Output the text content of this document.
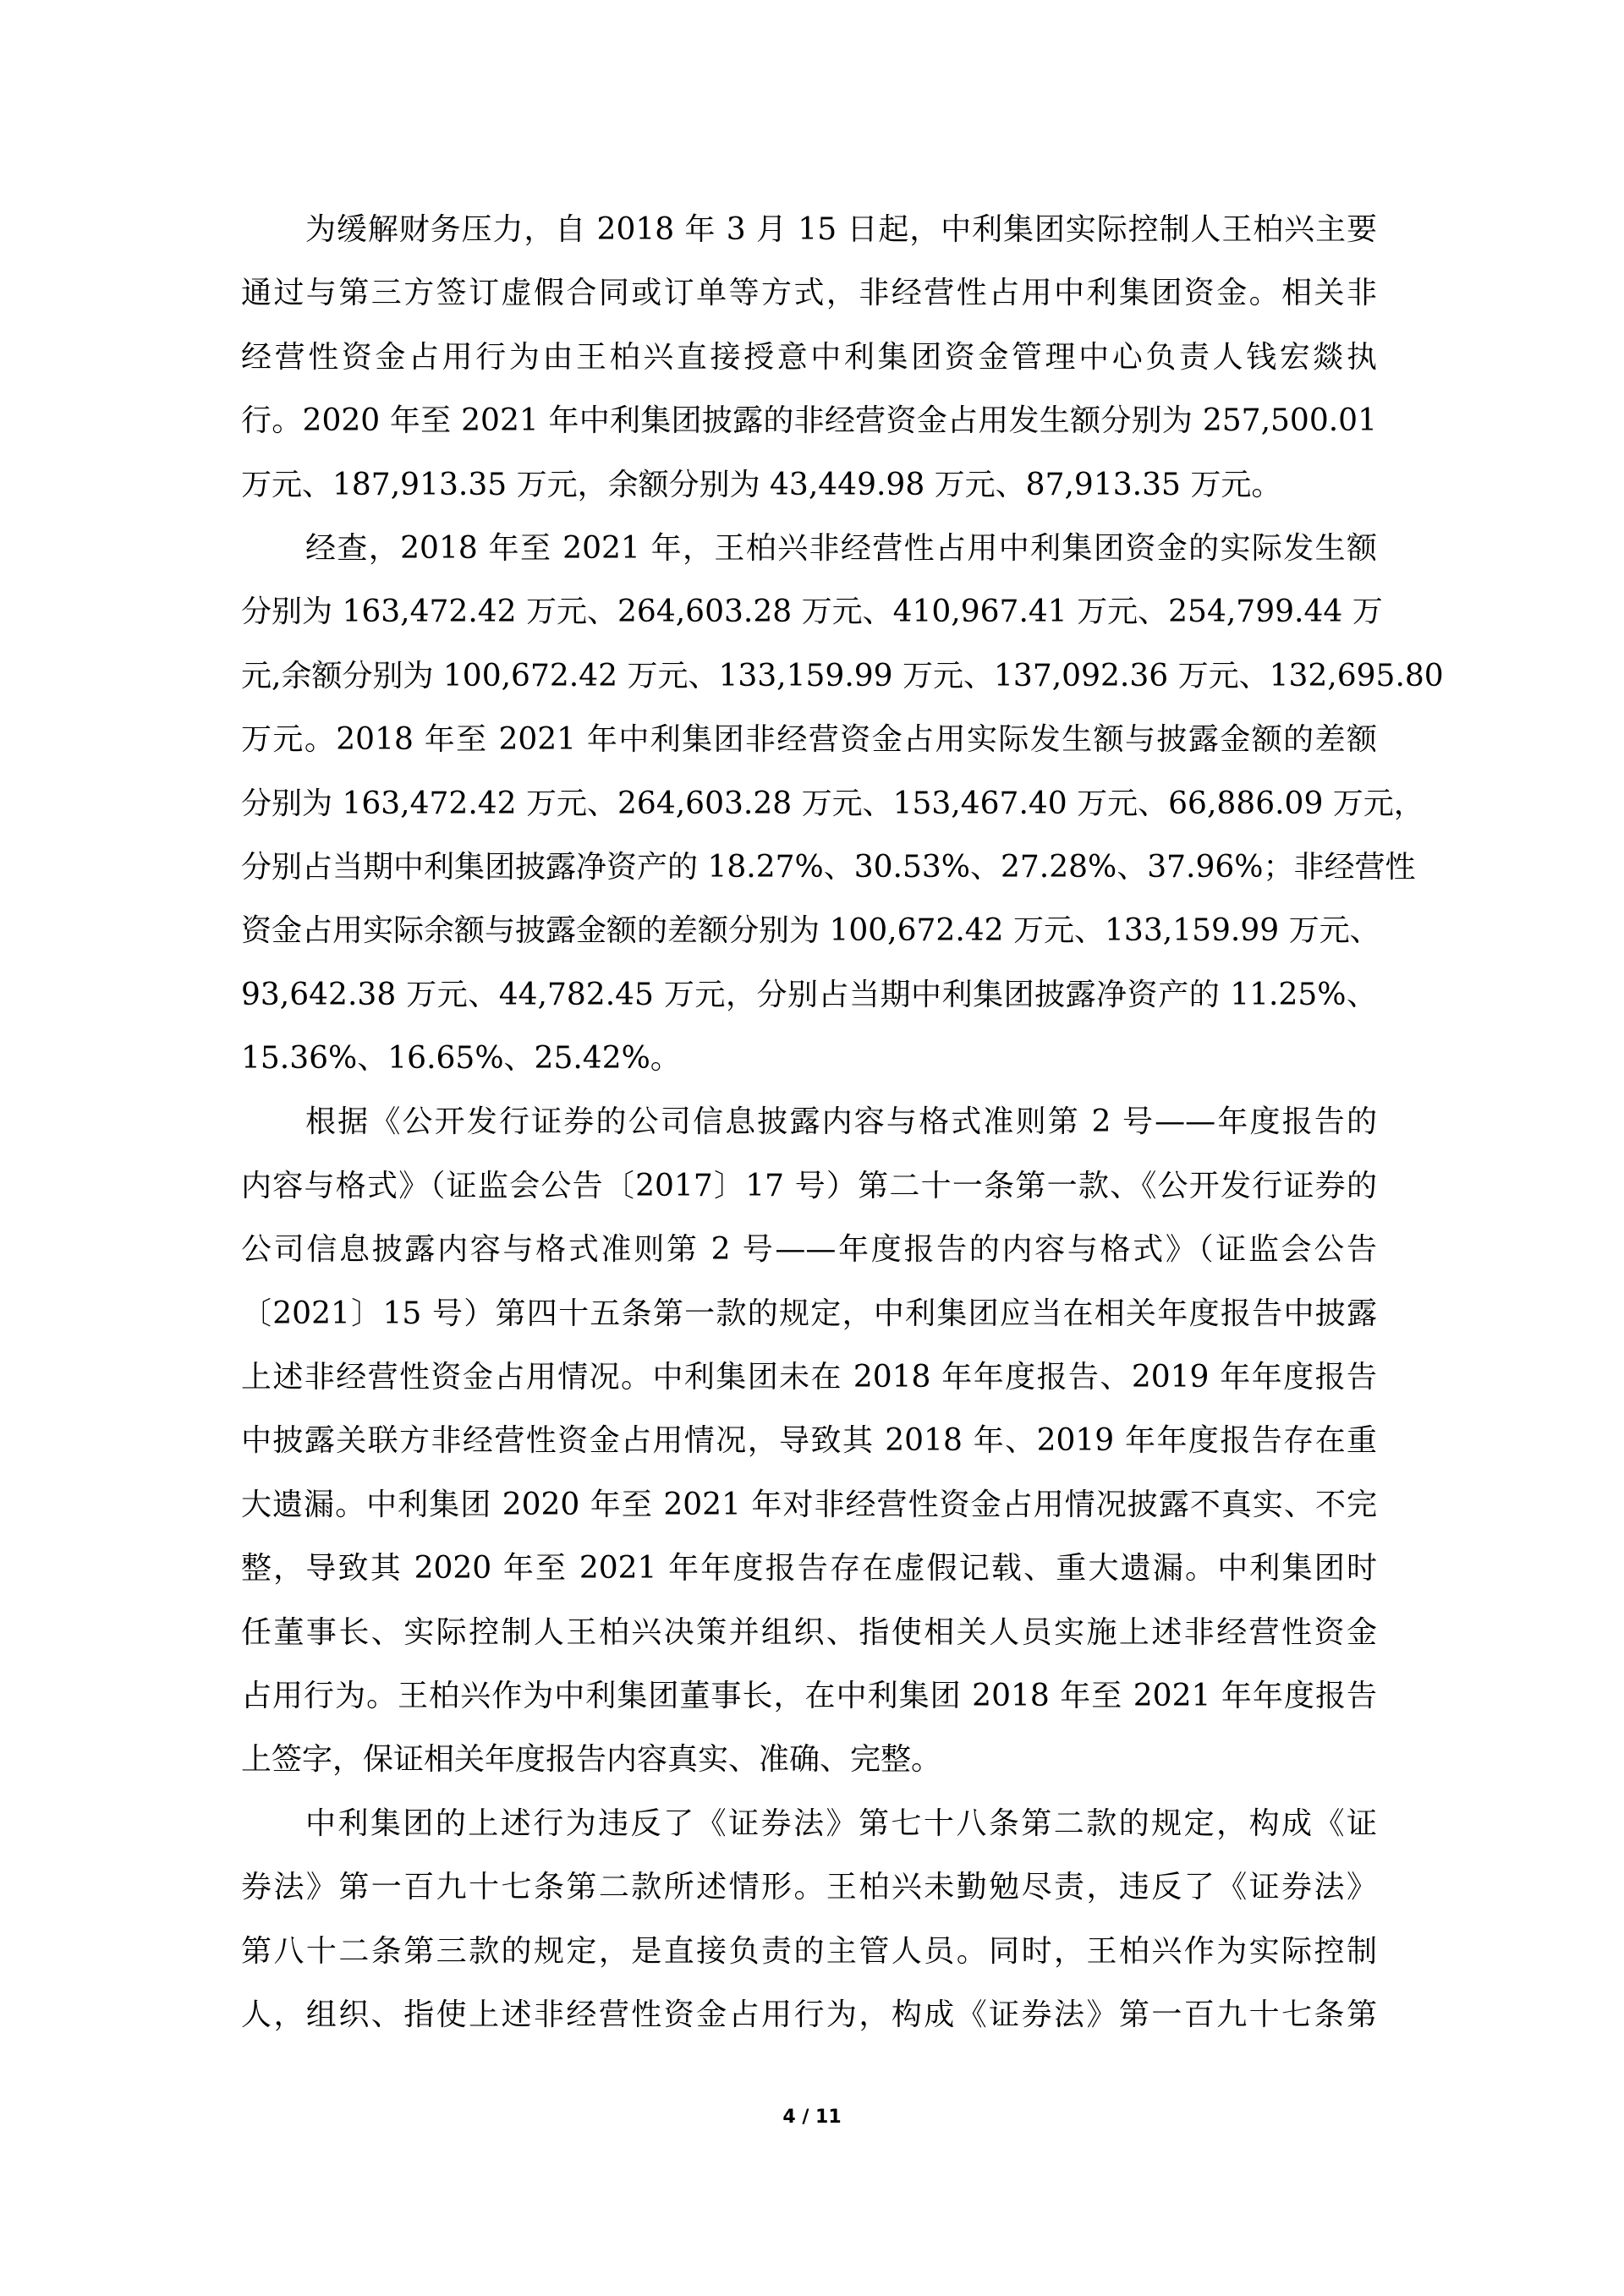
为缓解财务压力，自 2018 年 3 月 15 日起，中利集团实际控制人王柏兴主要
通过与第三方签订虚假合同或订单等方式，非经营性占用中利集团资金。相关非
经营性资金占用行为由王柏兴直接授意中利集团资金管理中心负责人钱宏燚执
行。2020 年至 2021 年中利集团披露的非经营资金占用发生额分别为 257,500.01
万元、187,913.35 万元，余额分别为 43,449.98 万元、87,913.35 万元。
经查，2018 年至 2021 年，王柏兴非经营性占用中利集团资金的实际发生额
分别为 163,472.42 万元、264,603.28 万元、410,967.41 万元、254,799.44 万
元,余额分别为 100,672.42 万元、133,159.99 万元、137,092.36 万元、132,695.80
万元。2018 年至 2021 年中利集团非经营资金占用实际发生额与披露金额的差额
分别为 163,472.42 万元、264,603.28 万元、153,467.40 万元、66,886.09 万元，
分别占当期中利集团披露净资产的 18.27%、30.53%、27.28%、37.96%；非经营性
资金占用实际余额与披露金额的差额分别为 100,672.42 万元、133,159.99 万元、
93,642.38 万元、44,782.45 万元，分别占当期中利集团披露净资产的 11.25%、
15.36%、16.65%、25.42%。
根据《公开发行证券的公司信息披露内容与格式准则第 2 号——年度报告的
内容与格式》（证监会公告〔2017〕17 号）第二十一条第一款、《公开发行证券的
公司信息披露内容与格式准则第 2 号——年度报告的内容与格式》（证监会公告
〔2021〕15 号）第四十五条第一款的规定，中利集团应当在相关年度报告中披露
上述非经营性资金占用情况。中利集团未在 2018 年年度报告、2019 年年度报告
中披露关联方非经营性资金占用情况，导致其 2018 年、2019 年年度报告存在重
大遗漏。中利集团 2020 年至 2021 年对非经营性资金占用情况披露不真实、不完
整，导致其 2020 年至 2021 年年度报告存在虚假记载、重大遗漏。中利集团时
任董事长、实际控制人王柏兴决策并组织、指使相关人员实施上述非经营性资金
占用行为。王柏兴作为中利集团董事长，在中利集团 2018 年至 2021 年年度报告
上签字，保证相关年度报告内容真实、准确、完整。
中利集团的上述行为违反了《证券法》第七十八条第二款的规定，构成《证
券法》第一百九十七条第二款所述情形。王柏兴未勤勉尽责，违反了《证券法》
第八十二条第三款的规定，是直接负责的主管人员。同时，王柏兴作为实际控制
人，组织、指使上述非经营性资金占用行为，构成《证券法》第一百九十七条第
4 / 11
